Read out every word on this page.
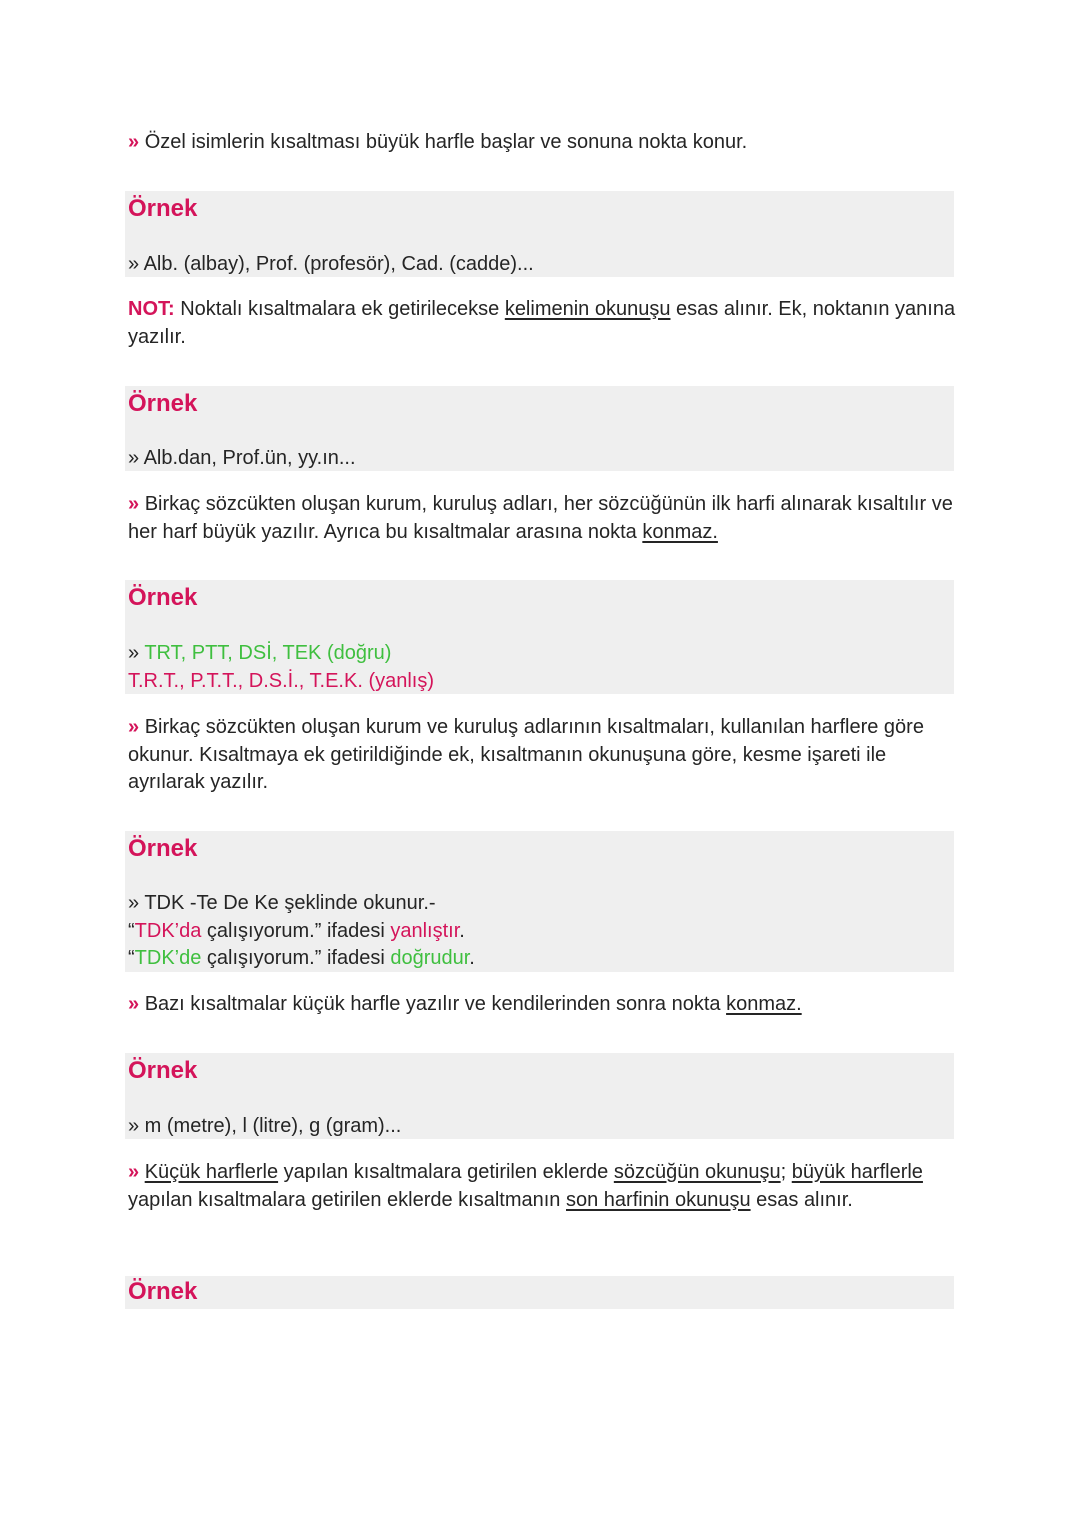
» Özel isimlerin kısaltması büyük harfle başlar ve sonuna nokta konur.
Örnek
» Alb. (albay), Prof. (profesör), Cad. (cadde)...
NOT: Noktalı kısaltmalara ek getirilecekse kelimenin okunuşu esas alınır. Ek, noktanın yanına yazılır.
Örnek
» Alb.dan, Prof.ün, yy.ın...
» Birkaç sözcükten oluşan kurum, kuruluş adları, her sözcüğünün ilk harfi alınarak kısaltılır ve her harf büyük yazılır. Ayrıca bu kısaltmalar arasına nokta konmaz.
Örnek
» TRT, PTT, DSİ, TEK (doğru)
T.R.T., P.T.T., D.S.İ., T.E.K. (yanlış)
» Birkaç sözcükten oluşan kurum ve kuruluş adlarının kısaltmaları, kullanılan harflere göre okunur. Kısaltmaya ek getirildiğinde ek, kısaltmanın okunuşuna göre, kesme işareti ile ayrılarak yazılır.
Örnek
» TDK -Te De Ke şeklinde okunur.-
“TDK’da çalışıyorum.” ifadesi yanlıştır.
“TDK’de çalışıyorum.” ifadesi doğrudur.
» Bazı kısaltmalar küçük harfle yazılır ve kendilerinden sonra nokta konmaz.
Örnek
» m (metre), l (litre), g (gram)...
» Küçük harflerle yapılan kısaltmalara getirilen eklerde sözcüğün okunuşu; büyük harflerle yapılan kısaltmalara getirilen eklerde kısaltmanın son harfinin okunuşu esas alınır.
Örnek
